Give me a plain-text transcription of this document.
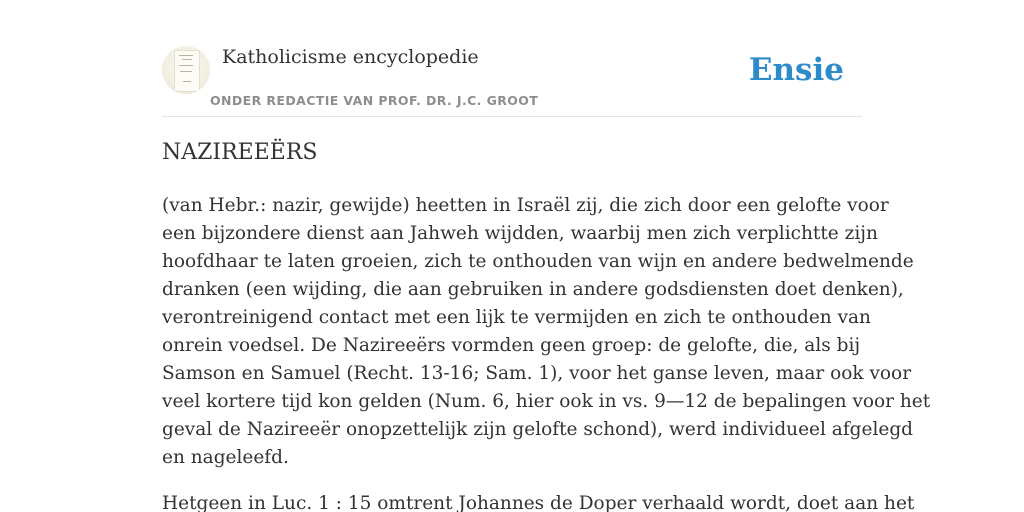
Katholicisme encyclopedie
ONDER REDACTIE VAN PROF. DR. J.C. GROOT
Ensie
NAZIREEËRS

(van Hebr.: nazir, gewijde) heetten in Israël zij, die zich door een gelofte voor
een bijzondere dienst aan Jahweh wijdden, waarbij men zich verplichtte zijn
hoofdhaar te laten groeien, zich te onthouden van wijn en andere bedwelmende
dranken (een wijding, die aan gebruiken in andere godsdiensten doet denken),
verontreinigend contact met een lijk te vermijden en zich te onthouden van
onrein voedsel. De Nazireeërs vormden geen groep: de gelofte, die, als bij
Samson en Samuel (Recht. 13-16; Sam. 1), voor het ganse leven, maar ook voor
veel kortere tijd kon gelden (Num. 6, hier ook in vs. 9—12 de bepalingen voor het
geval de Nazireeër onopzettelijk zijn gelofte schond), werd individueel afgelegd
en nageleefd.

Hetgeen in Luc. 1 : 15 omtrent Johannes de Doper verhaald wordt, doet aan het
